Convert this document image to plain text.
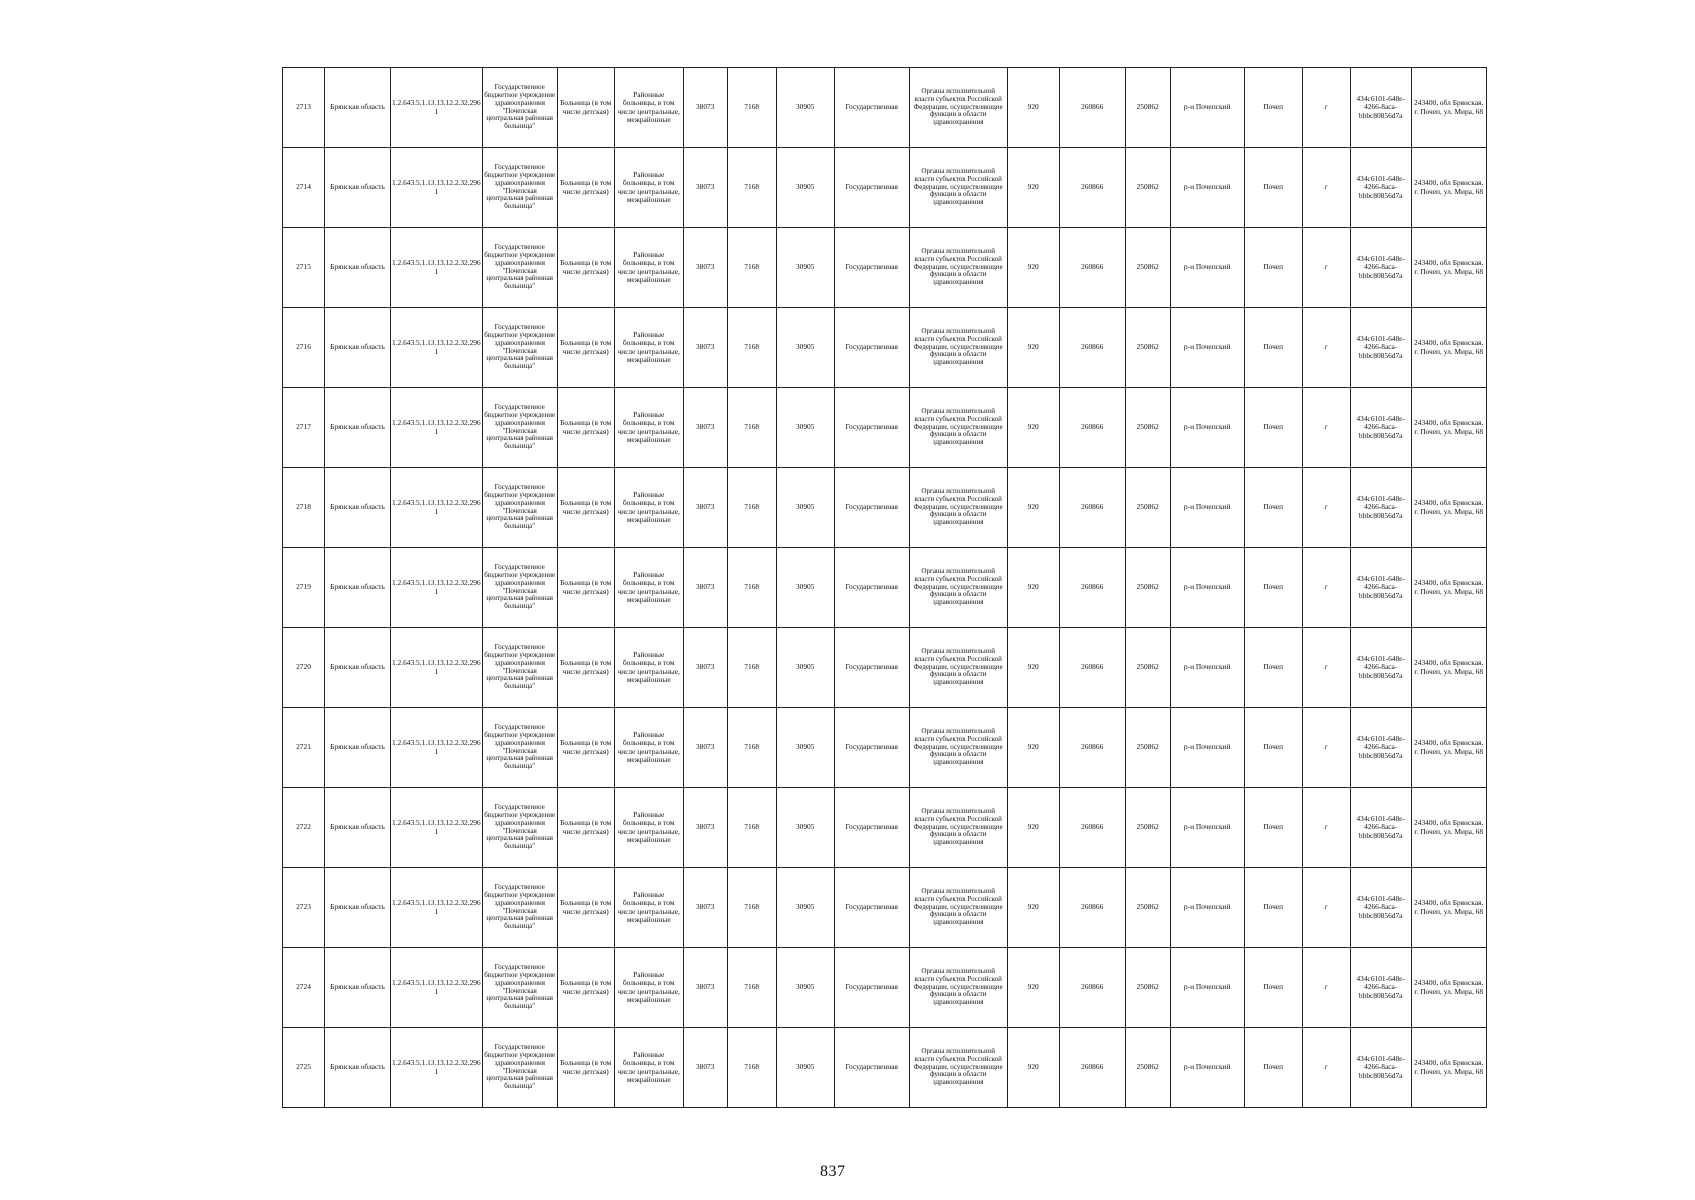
2713	Брянская область	1.2.643.5.1.13.13.12.2.32.296 1	Государственное бюджетное учреждение здравоохранения "Почепская центральная районная больница"	Больница (в том числе детская)	Районные больницы, в том числе центральные, межрайонные	38073	7168	30905	Государственная	Органы исполнительной власти субъектов Российской Федерации, осуществляющие функции в области здравоохранения	920	260866	250862	р-н Почепский	Почеп	г	434c6101-648e-4266-8aca-bbbc80856d7a	243400, обл Брянская, г. Почеп, ул. Мира, 68
2714	Брянская область	1.2.643.5.1.13.13.12.2.32.296 1	Государственное бюджетное учреждение здравоохранения "Почепская центральная районная больница"	Больница (в том числе детская)	Районные больницы, в том числе центральные, межрайонные	38073	7168	30905	Государственная	Органы исполнительной власти субъектов Российской Федерации, осуществляющие функции в области здравоохранения	920	260866	250862	р-н Почепский	Почеп	г	434c6101-648e-4266-8aca-bbbc80856d7a	243400, обл Брянская, г. Почеп, ул. Мира, 68
2715	Брянская область	1.2.643.5.1.13.13.12.2.32.296 1	Государственное бюджетное учреждение здравоохранения "Почепская центральная районная больница"	Больница (в том числе детская)	Районные больницы, в том числе центральные, межрайонные	38073	7168	30905	Государственная	Органы исполнительной власти субъектов Российской Федерации, осуществляющие функции в области здравоохранения	920	260866	250862	р-н Почепский	Почеп	г	434c6101-648e-4266-8aca-bbbc80856d7a	243400, обл Брянская, г. Почеп, ул. Мира, 68
2716	Брянская область	1.2.643.5.1.13.13.12.2.32.296 1	Государственное бюджетное учреждение здравоохранения "Почепская центральная районная больница"	Больница (в том числе детская)	Районные больницы, в том числе центральные, межрайонные	38073	7168	30905	Государственная	Органы исполнительной власти субъектов Российской Федерации, осуществляющие функции в области здравоохранения	920	260866	250862	р-н Почепский	Почеп	г	434c6101-648e-4266-8aca-bbbc80856d7a	243400, обл Брянская, г. Почеп, ул. Мира, 68
2717	Брянская область	1.2.643.5.1.13.13.12.2.32.296 1	Государственное бюджетное учреждение здравоохранения "Почепская центральная районная больница"	Больница (в том числе детская)	Районные больницы, в том числе центральные, межрайонные	38073	7168	30905	Государственная	Органы исполнительной власти субъектов Российской Федерации, осуществляющие функции в области здравоохранения	920	260866	250862	р-н Почепский	Почеп	г	434c6101-648e-4266-8aca-bbbc80856d7a	243400, обл Брянская, г. Почеп, ул. Мира, 68
2718	Брянская область	1.2.643.5.1.13.13.12.2.32.296 1	Государственное бюджетное учреждение здравоохранения "Почепская центральная районная больница"	Больница (в том числе детская)	Районные больницы, в том числе центральные, межрайонные	38073	7168	30905	Государственная	Органы исполнительной власти субъектов Российской Федерации, осуществляющие функции в области здравоохранения	920	260866	250862	р-н Почепский	Почеп	г	434c6101-648e-4266-8aca-bbbc80856d7a	243400, обл Брянская, г. Почеп, ул. Мира, 68
2719	Брянская область	1.2.643.5.1.13.13.12.2.32.296 1	Государственное бюджетное учреждение здравоохранения "Почепская центральная районная больница"	Больница (в том числе детская)	Районные больницы, в том числе центральные, межрайонные	38073	7168	30905	Государственная	Органы исполнительной власти субъектов Российской Федерации, осуществляющие функции в области здравоохранения	920	260866	250862	р-н Почепский	Почеп	г	434c6101-648e-4266-8aca-bbbc80856d7a	243400, обл Брянская, г. Почеп, ул. Мира, 68
2720	Брянская область	1.2.643.5.1.13.13.12.2.32.296 1	Государственное бюджетное учреждение здравоохранения "Почепская центральная районная больница"	Больница (в том числе детская)	Районные больницы, в том числе центральные, межрайонные	38073	7168	30905	Государственная	Органы исполнительной власти субъектов Российской Федерации, осуществляющие функции в области здравоохранения	920	260866	250862	р-н Почепский	Почеп	г	434c6101-648e-4266-8aca-bbbc80856d7a	243400, обл Брянская, г. Почеп, ул. Мира, 68
2721	Брянская область	1.2.643.5.1.13.13.12.2.32.296 1	Государственное бюджетное учреждение здравоохранения "Почепская центральная районная больница"	Больница (в том числе детская)	Районные больницы, в том числе центральные, межрайонные	38073	7168	30905	Государственная	Органы исполнительной власти субъектов Российской Федерации, осуществляющие функции в области здравоохранения	920	260866	250862	р-н Почепский	Почеп	г	434c6101-648e-4266-8aca-bbbc80856d7a	243400, обл Брянская, г. Почеп, ул. Мира, 68
2722	Брянская область	1.2.643.5.1.13.13.12.2.32.296 1	Государственное бюджетное учреждение здравоохранения "Почепская центральная районная больница"	Больница (в том числе детская)	Районные больницы, в том числе центральные, межрайонные	38073	7168	30905	Государственная	Органы исполнительной власти субъектов Российской Федерации, осуществляющие функции в области здравоохранения	920	260866	250862	р-н Почепский	Почеп	г	434c6101-648e-4266-8aca-bbbc80856d7a	243400, обл Брянская, г. Почеп, ул. Мира, 68
2723	Брянская область	1.2.643.5.1.13.13.12.2.32.296 1	Государственное бюджетное учреждение здравоохранения "Почепская центральная районная больница"	Больница (в том числе детская)	Районные больницы, в том числе центральные, межрайонные	38073	7168	30905	Государственная	Органы исполнительной власти субъектов Российской Федерации, осуществляющие функции в области здравоохранения	920	260866	250862	р-н Почепский	Почеп	г	434c6101-648e-4266-8aca-bbbc80856d7a	243400, обл Брянская, г. Почеп, ул. Мира, 68
2724	Брянская область	1.2.643.5.1.13.13.12.2.32.296 1	Государственное бюджетное учреждение здравоохранения "Почепская центральная районная больница"	Больница (в том числе детская)	Районные больницы, в том числе центральные, межрайонные	38073	7168	30905	Государственная	Органы исполнительной власти субъектов Российской Федерации, осуществляющие функции в области здравоохранения	920	260866	250862	р-н Почепский	Почеп	г	434c6101-648e-4266-8aca-bbbc80856d7a	243400, обл Брянская, г. Почеп, ул. Мира, 68
2725	Брянская область	1.2.643.5.1.13.13.12.2.32.296 1	Государственное бюджетное учреждение здравоохранения "Почепская центральная районная больница"	Больница (в том числе детская)	Районные больницы, в том числе центральные, межрайонные	38073	7168	30905	Государственная	Органы исполнительной власти субъектов Российской Федерации, осуществляющие функции в области здравоохранения	920	260866	250862	р-н Почепский	Почеп	г	434c6101-648e-4266-8aca-bbbc80856d7a	243400, обл Брянская, г. Почеп, ул. Мира, 68
837
